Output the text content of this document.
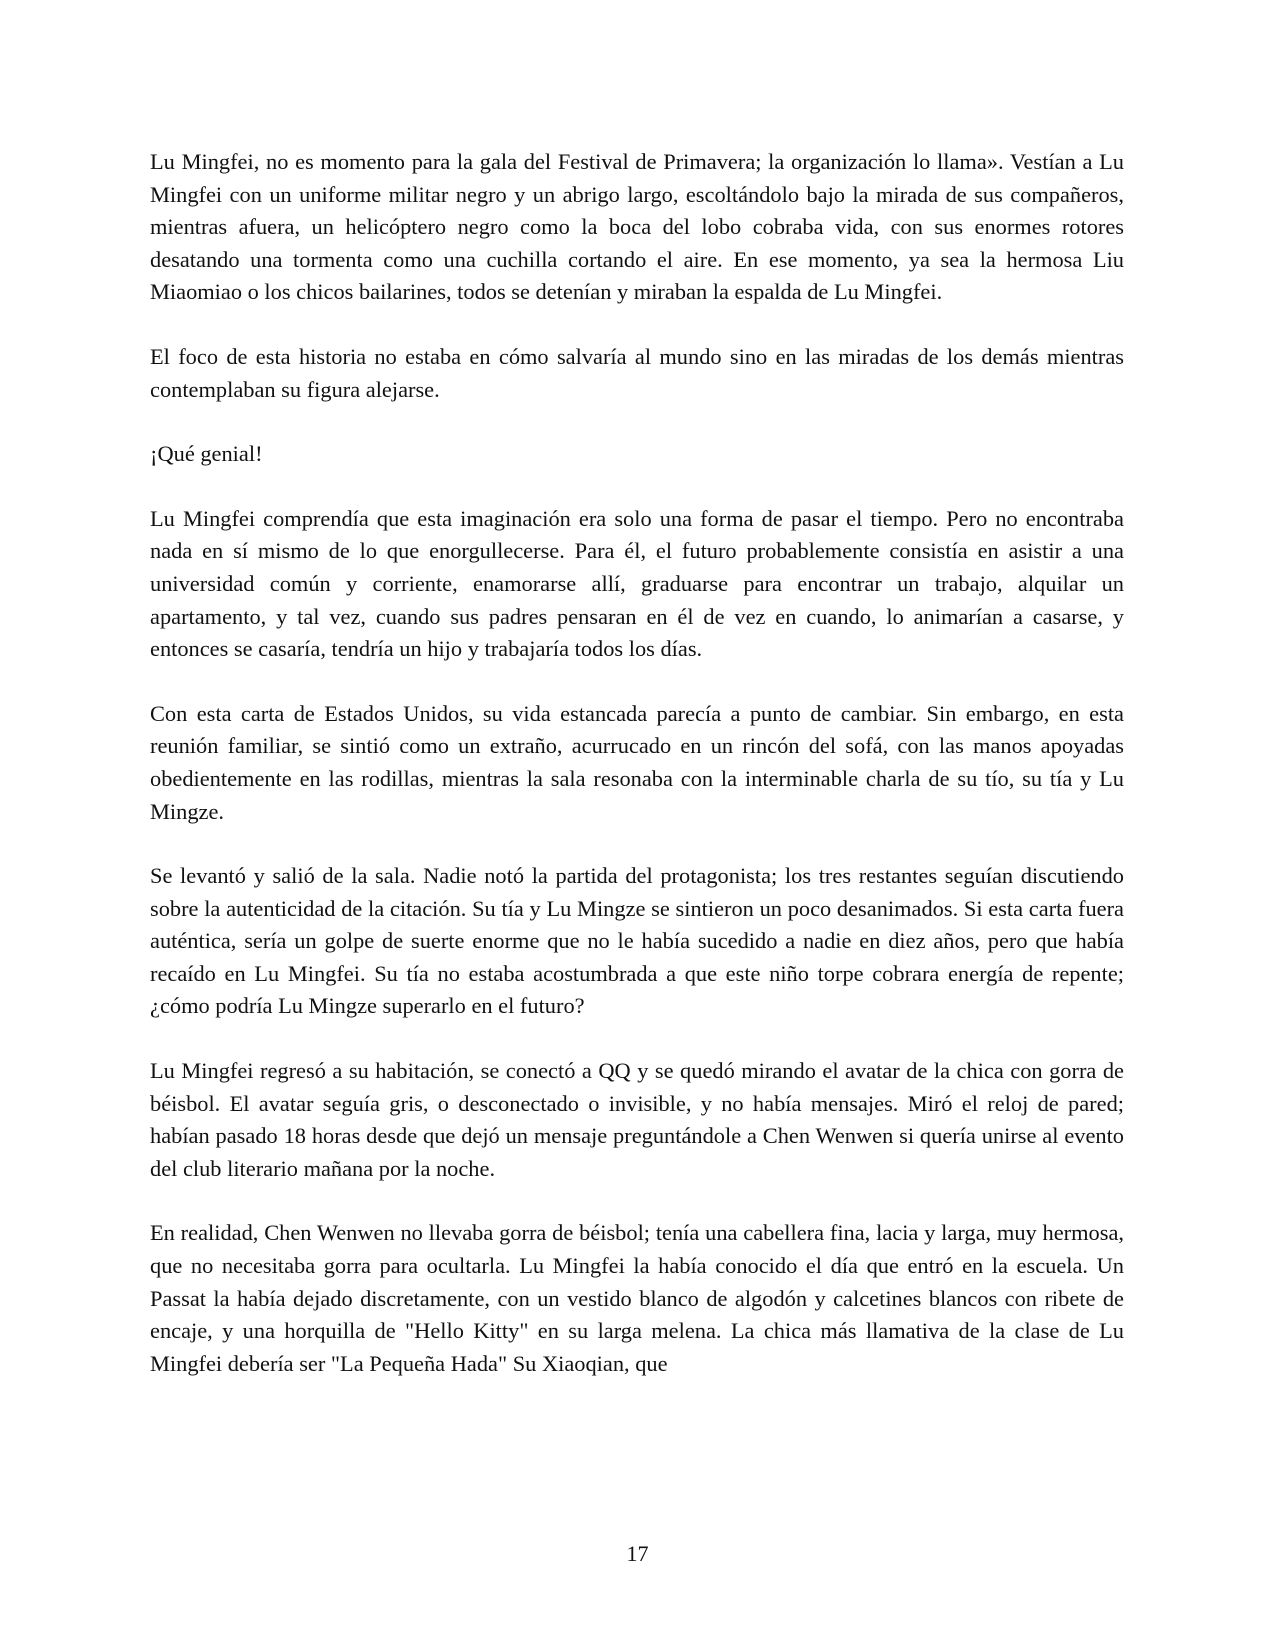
Lu Mingfei, no es momento para la gala del Festival de Primavera; la organización lo llama». Vestían a Lu Mingfei con un uniforme militar negro y un abrigo largo, escoltándolo bajo la mirada de sus compañeros, mientras afuera, un helicóptero negro como la boca del lobo cobraba vida, con sus enormes rotores desatando una tormenta como una cuchilla cortando el aire. En ese momento, ya sea la hermosa Liu Miaomiao o los chicos bailarines, todos se detenían y miraban la espalda de Lu Mingfei.

El foco de esta historia no estaba en cómo salvaría al mundo sino en las miradas de los demás mientras contemplaban su figura alejarse.

¡Qué genial!

Lu Mingfei comprendía que esta imaginación era solo una forma de pasar el tiempo. Pero no encontraba nada en sí mismo de lo que enorgullecerse. Para él, el futuro probablemente consistía en asistir a una universidad común y corriente, enamorarse allí, graduarse para encontrar un trabajo, alquilar un apartamento, y tal vez, cuando sus padres pensaran en él de vez en cuando, lo animarían a casarse, y entonces se casaría, tendría un hijo y trabajaría todos los días.

Con esta carta de Estados Unidos, su vida estancada parecía a punto de cambiar. Sin embargo, en esta reunión familiar, se sintió como un extraño, acurrucado en un rincón del sofá, con las manos apoyadas obedientemente en las rodillas, mientras la sala resonaba con la interminable charla de su tío, su tía y Lu Mingze.

Se levantó y salió de la sala. Nadie notó la partida del protagonista; los tres restantes seguían discutiendo sobre la autenticidad de la citación. Su tía y Lu Mingze se sintieron un poco desanimados. Si esta carta fuera auténtica, sería un golpe de suerte enorme que no le había sucedido a nadie en diez años, pero que había recaído en Lu Mingfei. Su tía no estaba acostumbrada a que este niño torpe cobrara energía de repente; ¿cómo podría Lu Mingze superarlo en el futuro?

Lu Mingfei regresó a su habitación, se conectó a QQ y se quedó mirando el avatar de la chica con gorra de béisbol. El avatar seguía gris, o desconectado o invisible, y no había mensajes. Miró el reloj de pared; habían pasado 18 horas desde que dejó un mensaje preguntándole a Chen Wenwen si quería unirse al evento del club literario mañana por la noche.

En realidad, Chen Wenwen no llevaba gorra de béisbol; tenía una cabellera fina, lacia y larga, muy hermosa, que no necesitaba gorra para ocultarla. Lu Mingfei la había conocido el día que entró en la escuela. Un Passat la había dejado discretamente, con un vestido blanco de algodón y calcetines blancos con ribete de encaje, y una horquilla de "Hello Kitty" en su larga melena. La chica más llamativa de la clase de Lu Mingfei debería ser "La Pequeña Hada" Su Xiaoqian, que

17
